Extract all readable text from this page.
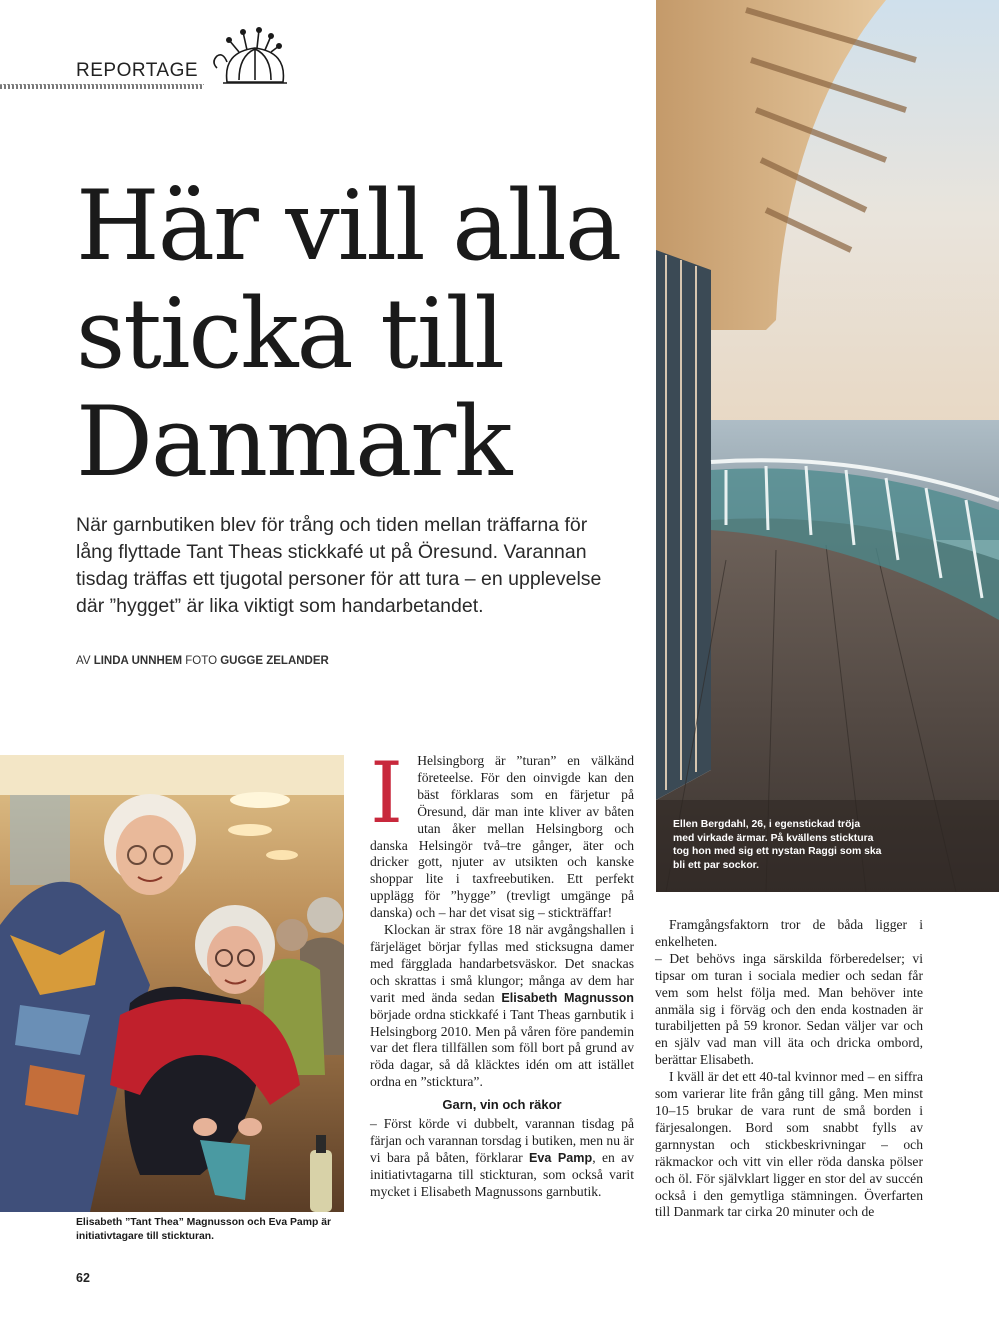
REPORTAGE
Här vill alla
sticka till
Danmark

När garnbutiken blev för trång och tiden mellan träffarna för lång flyttade Tant Theas stickkafé ut på Öresund. Varannan tisdag träffas ett tjugotal personer för att tura – en upplevelse där ”hygget” är lika viktigt som handarbetandet.

AV LINDA UNNHEM FOTO GUGGE ZELANDER

Ellen Bergdahl, 26, i egenstickad tröja med virkade ärmar. På kvällens sticktura tog hon med sig ett nystan Raggi som ska bli ett par sockor.

Elisabeth ”Tant Thea” Magnusson och Eva Pamp är initiativtagare till stickturan.

I	Helsingborg är ”turan” en välkänd företeelse. För den oinvigde kan den bäst förklaras som en färjetur på Öresund, där man inte kliver av båten utan åker mellan Helsingborg och danska Helsingör två–tre gånger, äter och dricker gott, njuter av utsikten och kanske shoppar lite i taxfreebutiken. Ett perfekt upplägg för ”hygge” (trevligt umgänge på danska) och – har det visat sig – stickträffar!

Klockan är strax före 18 när avgångshallen i färjeläget börjar fyllas med sticksugna damer med färgglada handarbetsväskor. Det snackas och skrattas i små klungor; många av dem har varit med ända sedan Elisabeth Magnusson började ordna stickkafé i Tant Theas garnbutik i Helsingborg 2010. Men på våren före pandemin var det flera tillfällen som föll bort på grund av röda dagar, så då kläcktes idén om att istället ordna en ”sticktura”.

Garn, vin och räkor

– Först körde vi dubbelt, varannan tisdag på färjan och varannan torsdag i butiken, men nu är vi bara på båten, förklarar Eva Pamp, en av initiativtagarna till stickturan, som också varit mycket i Elisabeth Magnussons garnbutik.

Framgångsfaktorn tror de båda ligger i enkelheten.

– Det behövs inga särskilda förberedelser; vi tipsar om turan i sociala medier och sedan får vem som helst följa med. Man behöver inte anmäla sig i förväg och den enda kostnaden är turabiljetten på 59 kronor. Sedan väljer var och en själv vad man vill äta och dricka ombord, berättar Elisabeth.

I kväll är det ett 40-tal kvinnor med – en siffra som varierar lite från gång till gång. Men minst 10–15 brukar de vara runt de små borden i färjesalongen. Bord som snabbt fylls av garnnystan och stickbeskrivningar – och räkmackor och vitt vin eller röda danska pölser och öl. För självklart ligger en stor del av succén också i den gemytliga stämningen. Överfarten till Danmark tar cirka 20 minuter och de

62
